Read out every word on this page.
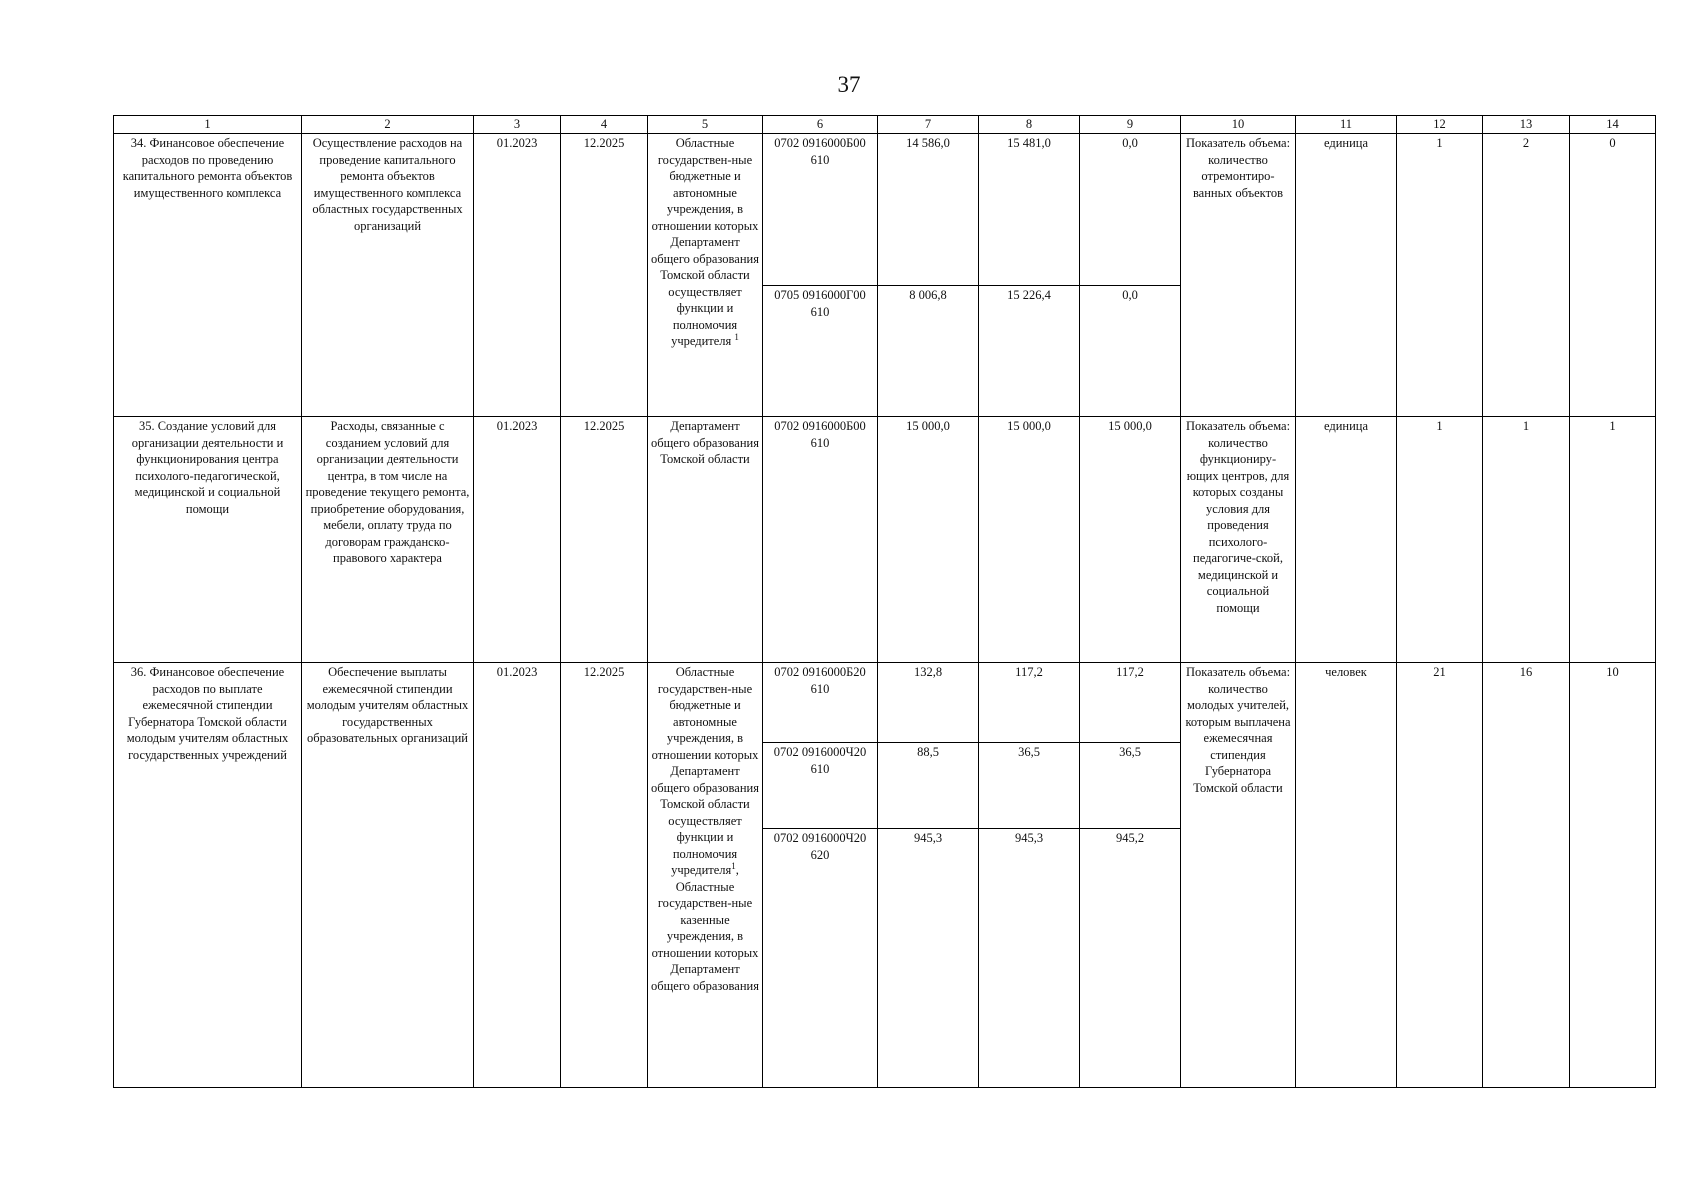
37
1	2	3	4	5	6	7	8	9	10	11	12	13	14
34. Финансовое обеспечение расходов по проведению капитального ремонта объектов имущественного комплекса	Осуществление расходов на проведение капитального ремонта объектов имущественного комплекса областных государственных организаций	01.2023	12.2025	Областные государствен-ные бюджетные и автономные учреждения, в отношении которых Департамент общего образования Томской области осуществляет функции и полномочия учредителя $^1$	0702 0916000Б00 610	14 586,0	15 481,0	0,0	Показатель объема: количество отремонтиро-ванных объектов	единица	1	2	0
					0705 0916000Г00 610	8 006,8	15 226,4	0,0					
35. Создание условий для организации деятельности и функционирования центра психолого-педагогической, медицинской и социальной помощи	Расходы, связанные с созданием условий для организации деятельности центра, в том числе на проведение текущего ремонта, приобретение оборудования, мебели, оплату труда по договорам гражданско-правового характера	01.2023	12.2025	Департамент общего образования Томской области	0702 0916000Б00 610	15 000,0	15 000,0	15 000,0	Показатель объема: количество функциониру-ющих центров, для которых созданы условия для проведения психолого-педагогиче-ской, медицинской и социальной помощи	единица	1	1	1
36. Финансовое обеспечение расходов по выплате ежемесячной стипендии Губернатора Томской области молодым учителям областных государственных учреждений	Обеспечение выплаты ежемесячной стипендии молодым учителям областных государственных образовательных организаций	01.2023	12.2025	Областные государствен-ные бюджетные и автономные учреждения, в отношении которых Департамент общего образования Томской области осуществляет функции и полномочия учредителя$^1$, Областные государствен-ные казенные учреждения, в отношении которых Департамент общего образования	0702 0916000Б20 610	132,8	117,2	117,2	Показатель объема: количество молодых учителей, которым выплачена ежемесячная стипендия Губернатора Томской области	человек	21	16	10
					0702 0916000Ч20 610	88,5	36,5	36,5					
					0702 0916000Ч20 620	945,3	945,3	945,2					
